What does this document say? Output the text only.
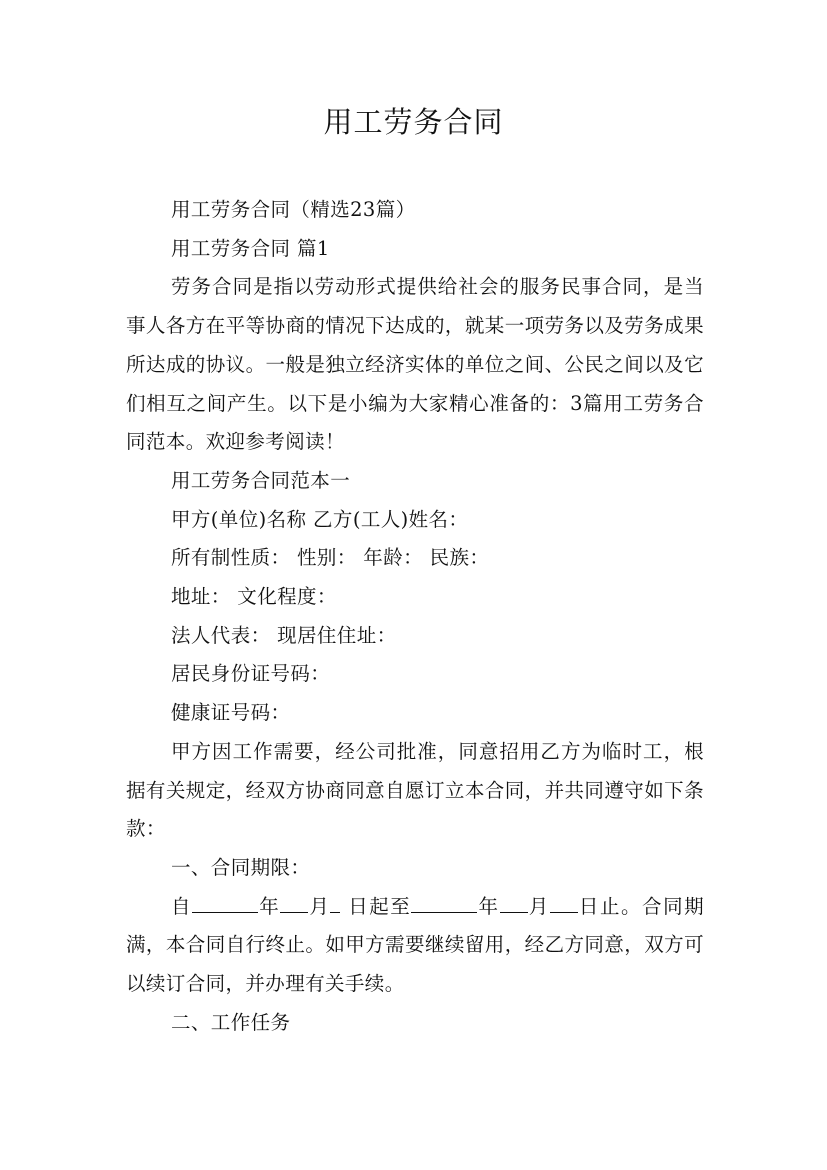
用工劳务合同

用工劳务合同（精选23篇）

用工劳务合同 篇1

劳务合同是指以劳动形式提供给社会的服务民事合同，是当事人各方在平等协商的情况下达成的，就某一项劳务以及劳务成果所达成的协议。一般是独立经济实体的单位之间、公民之间以及它们相互之间产生。以下是小编为大家精心准备的：3篇用工劳务合同范本。欢迎参考阅读！

用工劳务合同范本一

甲方(单位)名称 乙方(工人)姓名：

所有制性质： 性别： 年龄： 民族：

地址： 文化程度：

法人代表： 现居住住址：

居民身份证号码：

健康证号码：

甲方因工作需要，经公司批准，同意招用乙方为临时工，根据有关规定，经双方协商同意自愿订立本合同，并共同遵守如下条款：

一、合同期限：

自	年 月 日起至	年 月 日止。合同期满，本合同自行终止。如甲方需要继续留用，经乙方同意，双方可以续订合同，并办理有关手续。

二、工作任务
